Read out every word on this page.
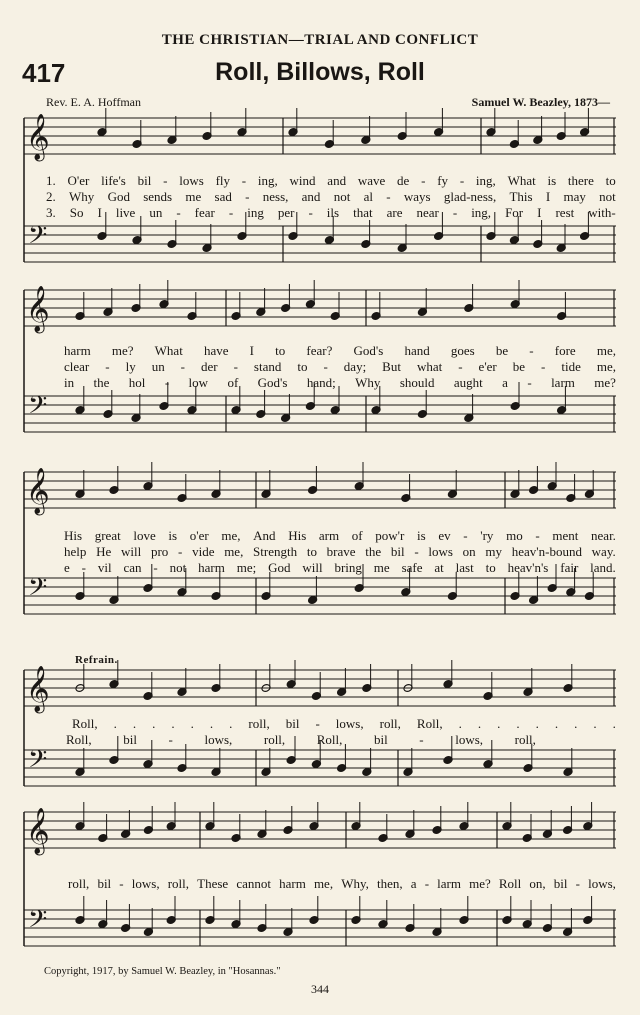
THE CHRISTIAN—TRIAL AND CONFLICT
417	Roll, Billows, Roll
Rev. E. A. Hoffman	Samuel W. Beazley, 1873—
𝄞
𝄢
𝄞
𝄢
𝄞
𝄢
𝄞
𝄢
𝄞
𝄢
1. O'er life's bil - lows fly - ing, wind and wave de - fy - ing, What is there to
2. Why God sends me sad - ness, and not al - ways glad-ness, This I may not
3. So I live un - fear - ing per - ils that are near - ing, For I rest with-
harm me? What have I to fear? God's hand goes be - fore me,
clear - ly un - der - stand to - day; But what - e'er be - tide me,
in the hol - low of God's hand; Why should aught a - larm me?
His great love is o'er me, And His arm of pow'r is ev - 'ry mo - ment near.
help He will pro - vide me, Strength to brave the bil - lows on my heav'n-bound way.
e - vil can - not harm me; God will bring me safe at last to heav'n's fair land.
Refrain.
Roll, . . . . . . . roll, bil - lows, roll, Roll, . . . . . . . . .
Roll, bil - lows, roll, Roll, bil - lows, roll,
roll, bil - lows, roll, These cannot harm me, Why, then, a - larm me? Roll on, bil - lows,
Copyright, 1917, by Samuel W. Beazley, in "Hosannas."
344
